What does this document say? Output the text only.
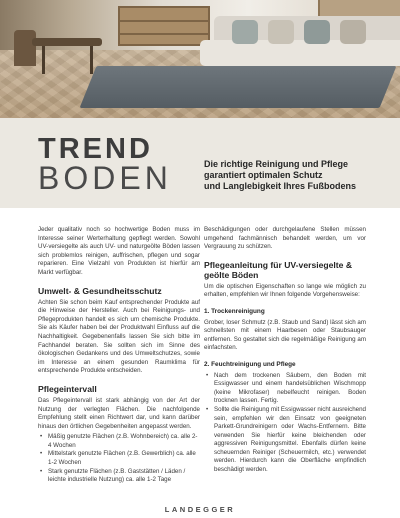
TREND
BODEN	Die richtige Reinigung und Pflege
garantiert optimalen Schutz
und Langlebigkeit Ihres Fußbodens

Jeder qualitativ noch so hochwertige Boden muss im Interesse seiner Werterhaltung gepflegt werden. Sowohl UV-versiegelte als auch UV- und naturgeölte Böden lassen sich problemlos reinigen, auffrischen, pflegen und sogar reparieren. Eine Vielzahl von Produkten ist hierfür am Markt verfügbar.

Umwelt- & Gesundheitsschutz

Achten Sie schon beim Kauf entsprechender Produkte auf die Hinweise der Hersteller. Auch bei Reinigungs- und Pflegeprodukten handelt es sich um chemische Produkte. Sie als Käufer haben bei der Produktwahl Einfluss auf die Nachhaltigkeit. Gegebenenfalls lassen Sie sich bitte im Fachhandel beraten. Sie sollten sich im Sinne des ökologischen Gedankens und des Umweltschutzes, sowie im Interesse an einem gesunden Raumklima für entsprechende Produkte entscheiden.

Pflegeintervall

Das Pflegeintervall ist stark abhängig von der Art der Nutzung der verlegten Flächen. Die nachfolgende Empfehlung stellt einen Richtwert dar, und kann darüber hinaus den örtlichen Gegebenheiten angepasst werden.

• Mäßig genutzte Flächen (z.B. Wohnbereich) ca. alle 2-4 Wochen
• Mittelstark genutzte Flächen (z.B. Gewerblich) ca. alle 1-2 Wochen
• Stark genutzte Flächen (z.B. Gaststätten / Läden / leichte industrielle Nutzung) ca. alle 1-2 Tage

Beschädigungen oder durchgelaufene Stellen müssen umgehend fachmännisch behandelt werden, um vor Vergrauung zu schützen.

Pflegeanleitung für UV-versiegelte & geölte Böden

Um die optischen Eigenschaften so lange wie möglich zu erhalten, empfehlen wir Ihnen folgende Vorgehensweise:

1. Trockenreinigung

Grober, loser Schmutz (z.B. Staub und Sand) lässt sich am schnellsten mit einem Haarbesen oder Staubsauger entfernen. So gestaltet sich die regelmäßige Reinigung am einfachsten.

2. Feuchtreinigung und Pflege
• Nach dem trockenen Säubern, den Boden mit Essigwasser und einem handelsüblichen Wischmopp (keine Mikrofaser) nebelfeucht reinigen. Boden trocknen lassen. Fertig.
• Sollte die Reinigung mit Essigwasser nicht ausreichend sein, empfehlen wir den Einsatz von geeigneten Parkett-Grundreinigern oder Wachs-Entfernern. Bitte verwenden Sie hierfür keine bleichenden oder aggressiven Reinigungsmittel. Ebenfalls dürfen keine scheuernden Reiniger (Scheuermilch, etc.) verwendet werden. Hierdurch kann die Oberfläche empfindlich beschädigt werden.
LANDEGGER
